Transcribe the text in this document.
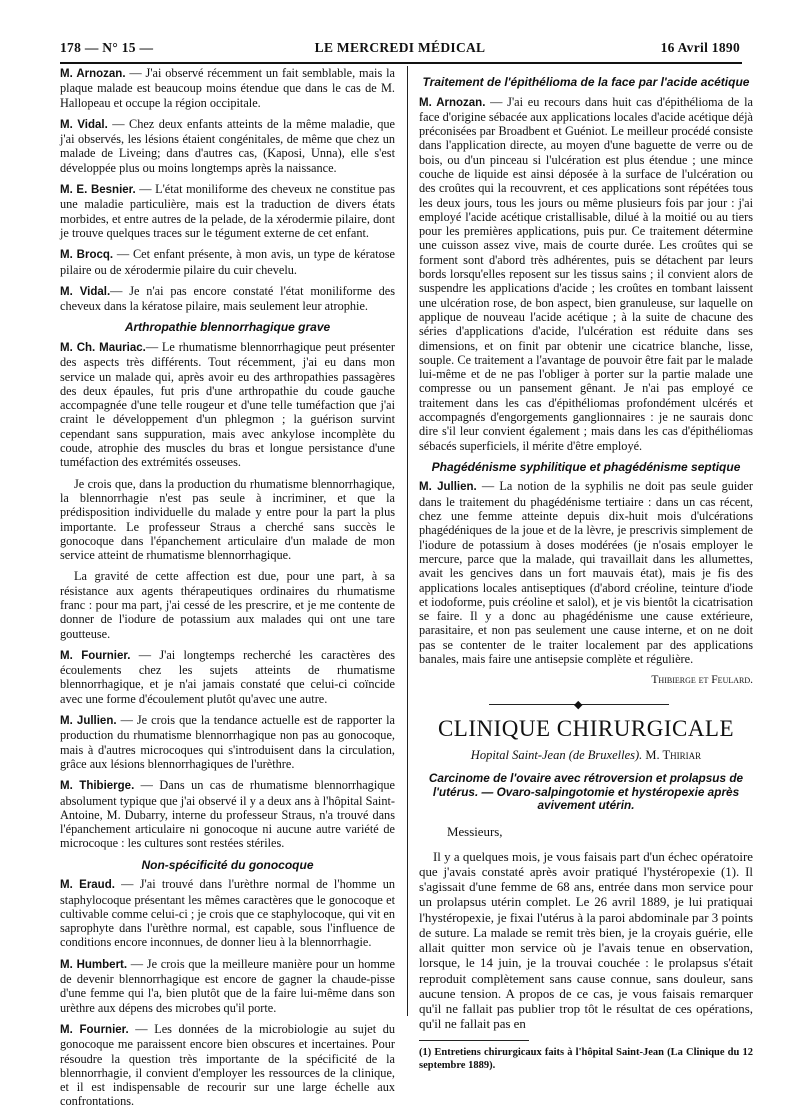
178 — N° 15 —	LE MERCREDI MÉDICAL	16 Avril 1890

M. Arnozan. — J'ai observé récemment un fait semblable, mais la plaque malade est beaucoup moins étendue que dans le cas de M. Hallopeau et occupe la région occipitale.

M. Vidal. — Chez deux enfants atteints de la même maladie, que j'ai observés, les lésions étaient congénitales, de même que chez un malade de Liveing; dans d'autres cas, (Kaposi, Unna), elle s'est développée plus ou moins longtemps après la naissance.

M. E. Besnier. — L'état moniliforme des cheveux ne constitue pas une maladie particulière, mais est la traduction de divers états morbides, et entre autres de la pelade, de la xérodermie pilaire, dont je trouve quelques traces sur le tégument externe de cet enfant.

M. Brocq. — Cet enfant présente, à mon avis, un type de kératose pilaire ou de xérodermie pilaire du cuir chevelu.

M. Vidal.— Je n'ai pas encore constaté l'état moniliforme des cheveux dans la kératose pilaire, mais seulement leur atrophie.

Arthropathie blennorrhagique grave

M. Ch. Mauriac.— Le rhumatisme blennorrhagique peut présenter des aspects très différents. Tout récemment, j'ai eu dans mon service un malade qui, après avoir eu des arthropathies passagères des deux épaules, fut pris d'une arthropathie du coude gauche accompagnée d'une telle rougeur et d'une telle tuméfaction que j'ai craint le développement d'un phlegmon ; la guérison survint cependant sans suppuration, mais avec ankylose incomplète du coude, atrophie des muscles du bras et longue persistance d'une tuméfaction des extrémités osseuses.

Je crois que, dans la production du rhumatisme blennorrhagique, la blennorrhagie n'est pas seule à incriminer, et que la prédisposition individuelle du malade y entre pour la part la plus importante. Le professeur Straus a cherché sans succès le gonocoque dans l'épanchement articulaire d'un malade de mon service atteint de rhumatisme blennorrhagique.

La gravité de cette affection est due, pour une part, à sa résistance aux agents thérapeutiques ordinaires du rhumatisme franc : pour ma part, j'ai cessé de les prescrire, et je me contente de donner de l'iodure de potassium aux malades qui ont une tare goutteuse.

M. Fournier. — J'ai longtemps recherché les caractères des écoulements chez les sujets atteints de rhumatisme blennorrhagique, et je n'ai jamais constaté que celui-ci coïncide avec une forme d'écoulement plutôt qu'avec une autre.

M. Jullien. — Je crois que la tendance actuelle est de rapporter la production du rhumatisme blennorrhagique non pas au gonocoque, mais à d'autres microcoques qui s'introduisent dans la circulation, grâce aux lésions blennorrhagiques de l'urèthre.

M. Thibierge. — Dans un cas de rhumatisme blennorrhagique absolument typique que j'ai observé il y a deux ans à l'hôpital Saint-Antoine, M. Dubarry, interne du professeur Straus, n'a trouvé dans l'épanchement articulaire ni gonocoque ni aucune autre variété de microcoque : les cultures sont restées stériles.

Non-spécificité du gonocoque

M. Eraud. — J'ai trouvé dans l'urèthre normal de l'homme un staphylocoque présentant les mêmes caractères que le gonocoque et cultivable comme celui-ci ; je crois que ce staphylocoque, qui vit en saprophyte dans l'urèthre normal, est capable, sous l'influence de conditions encore inconnues, de donner lieu à la blennorrhagie.

M. Humbert. — Je crois que la meilleure manière pour un homme de devenir blennorrhagique est encore de gagner la chaude-pisse d'une femme qui l'a, bien plutôt que de la faire lui-même dans son urèthre aux dépens des microbes qu'il porte.

M. Fournier. — Les données de la microbiologie au sujet du gonocoque me paraissent encore bien obscures et incertaines. Pour résoudre la question très importante de la spécificité de la blennorrhagie, il convient d'employer les ressources de la clinique, et il est indispensable de recourir sur une large échelle aux confrontations.

Traitement de l'épithélioma de la face par l'acide acétique

M. Arnozan. — J'ai eu recours dans huit cas d'épithélioma de la face d'origine sébacée aux applications locales d'acide acétique déjà préconisées par Broadbent et Guéniot. Le meilleur procédé consiste dans l'application directe, au moyen d'une baguette de verre ou de bois, ou d'un pinceau si l'ulcération est plus étendue ; une mince couche de liquide est ainsi déposée à la surface de l'ulcération ou des croûtes qui la recouvrent, et ces applications sont répétées tous les deux jours, tous les jours ou même plusieurs fois par jour : j'ai employé l'acide acétique cristallisable, dilué à la moitié ou au tiers pour les premières applications, puis pur. Ce traitement détermine une cuisson assez vive, mais de courte durée. Les croûtes qui se forment sont d'abord très adhérentes, puis se détachent par leurs bords lorsqu'elles reposent sur les tissus sains ; il convient alors de suspendre les applications d'acide ; les croûtes en tombant laissent une ulcération rose, de bon aspect, bien granuleuse, sur laquelle on applique de nouveau l'acide acétique ; à la suite de chacune des séries d'applications d'acide, l'ulcération est réduite dans ses dimensions, et on finit par obtenir une cicatrice blanche, lisse, souple. Ce traitement a l'avantage de pouvoir être fait par le malade lui-même et de ne pas l'obliger à porter sur la partie malade une compresse ou un pansement gênant. Je n'ai pas employé ce traitement dans les cas d'épithéliomas profondément ulcérés et accompagnés d'engorgements ganglionnaires : je ne saurais donc dire s'il leur convient également ; mais dans les cas d'épithéliomas sébacés superficiels, il mérite d'être employé.

Phagédénisme syphilitique et phagédénisme septique

M. Jullien. — La notion de la syphilis ne doit pas seule guider dans le traitement du phagédénisme tertiaire : dans un cas récent, chez une femme atteinte depuis dix-huit mois d'ulcérations phagédéniques de la joue et de la lèvre, je prescrivis simplement de l'iodure de potassium à doses modérées (je n'osais employer le mercure, parce que la malade, qui travaillait dans les allumettes, avait les gencives dans un fort mauvais état), mais je fis des applications locales antiseptiques (d'abord créoline, teinture d'iode et iodoforme, puis créoline et salol), et je vis bientôt la cicatrisation se faire. Il y a donc au phagédénisme une cause extérieure, parasitaire, et non pas seulement une cause interne, et on ne doit pas se contenter de le traiter localement par des applications banales, mais faire une antisepsie complète et régulière.

Thibierge et Feulard.
◆
CLINIQUE CHIRURGICALE
Hopital Saint-Jean (de Bruxelles). M. Thiriar
Carcinome de l'ovaire avec rétroversion et prolapsus de l'utérus. — Ovaro-salpingotomie et hystéropexie après avivement utérin.

Messieurs,

Il y a quelques mois, je vous faisais part d'un échec opératoire que j'avais constaté après avoir pratiqué l'hystéropexie (1). Il s'agissait d'une femme de 68 ans, entrée dans mon service pour un prolapsus utérin complet. Le 26 avril 1889, je lui pratiquai l'hystéropexie, je fixai l'utérus à la paroi abdominale par 3 points de suture. La malade se remit très bien, je la croyais guérie, elle allait quitter mon service où je l'avais tenue en observation, lorsque, le 14 juin, je la trouvai couchée : le prolapsus s'était reproduit complètement sans cause connue, sans douleur, sans aucune tension. A propos de ce cas, je vous faisais remarquer qu'il ne fallait pas publier trop tôt le résultat de ces opérations, qu'il ne fallait pas en

(1) Entretiens chirurgicaux faits à l'hôpital Saint-Jean (La Clinique du 12 septembre 1889).
